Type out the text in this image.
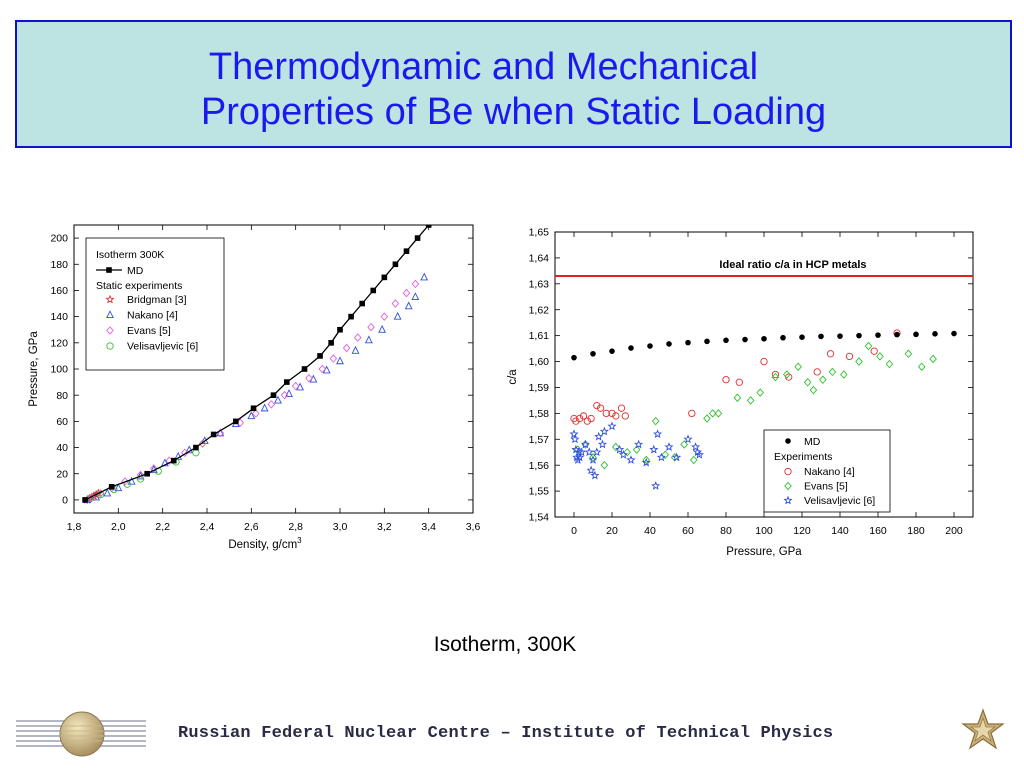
Thermodynamic and Mechanical
Properties of Be when Static Loading
1,8	2,0	2,2	2,4	2,6	2,8	3,0	3,2	3,4	3,6
0
20
40
60
80
100
120
140
160
180
200
Density, $g/cm^3$
Pressure, GPa
Isotherm 300K
MD
Static experiments
Bridgman [3]
Nakano [4]
Evans [5]
Velisavljevic [6]
0	20	40	60	80 100 120 140 160 180 200
1,54
1,55
1,56
1,57
1,58
1,59
1,60
1,61
1,62
1,63
1,64
1,65
Ideal ratio c/a in HCP metals
Pressure, GPa
c/a
MD
Experiments
Nakano [4]
Evans [5]
Velisavljevic [6]
Isotherm, 300K
Russian Federal Nuclear Centre – Institute of Technical Physics
